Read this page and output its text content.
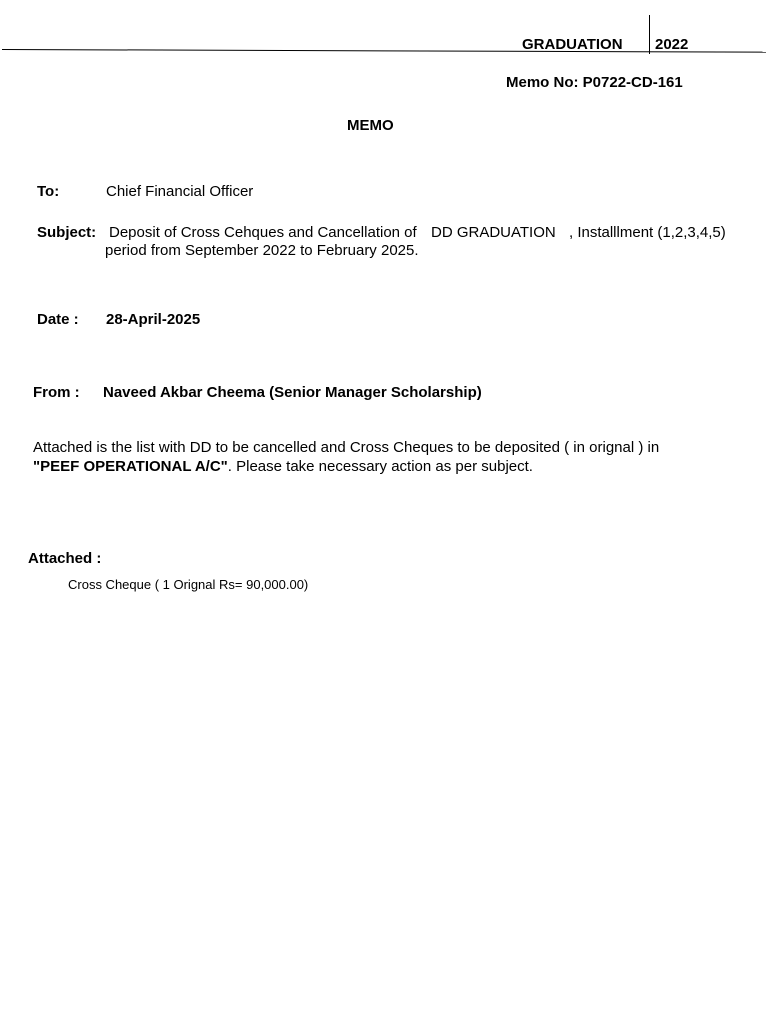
GRADUATION 2022
Memo No: P0722-CD-161
MEMO
To:	Chief Financial Officer
Subject: Deposit of Cross Cehques and Cancellation of DD GRADUATION , Installlment (1,2,3,4,5)
period from September 2022 to February 2025.
Date : 28-April-2025
From : Naveed Akbar Cheema (Senior Manager Scholarship)
Attached is the list with DD to be cancelled and Cross Cheques to be deposited ( in orignal ) in
"PEEF OPERATIONAL A/C". Please take necessary action as per subject.
Attached :
Cross Cheque ( 1 Orignal Rs= 90,000.00)
